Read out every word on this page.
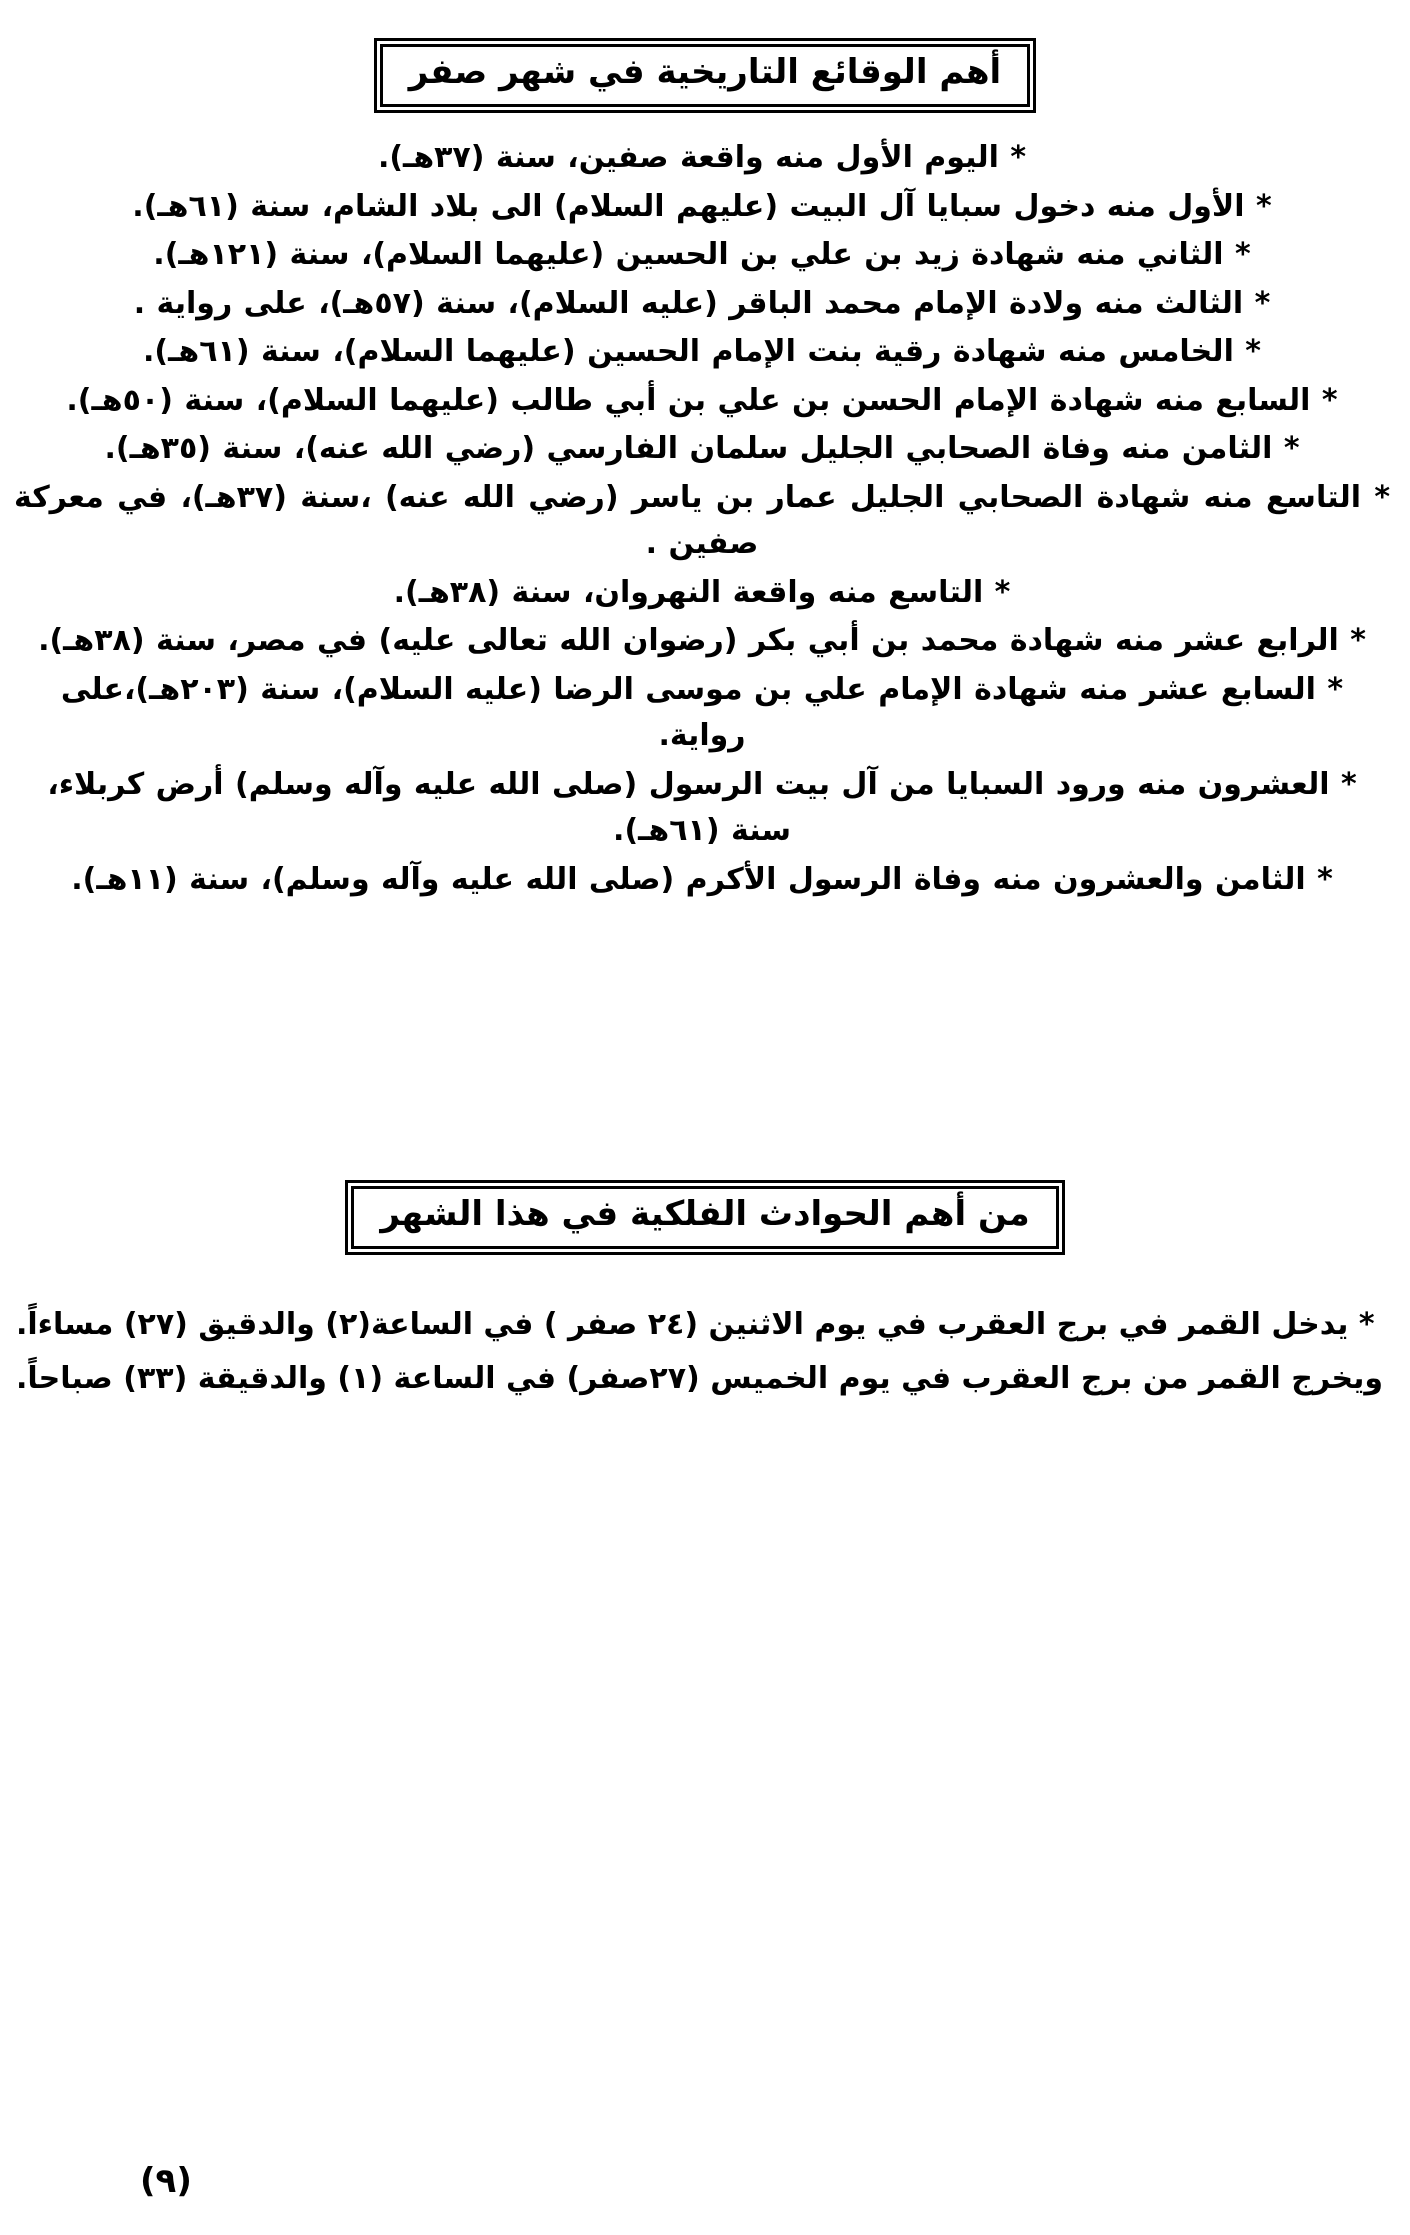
أهم الوقائع التاريخية في شهر صفر
* اليوم الأول منه واقعة صفين، سنة (٣٧هـ).
* الأول منه دخول سبايا آل البيت (عليهم السلام) الى بلاد الشام، سنة (٦١هـ).
* الثاني منه شهادة زيد بن علي بن الحسين (عليهما السلام)، سنة (١٢١هـ).
* الثالث منه ولادة الإمام محمد الباقر (عليه السلام)، سنة (٥٧هـ)، على رواية .
* الخامس منه شهادة رقية بنت الإمام الحسين (عليهما السلام)، سنة (٦١هـ).
* السابع منه شهادة الإمام الحسن بن علي بن أبي طالب (عليهما السلام)، سنة (٥٠هـ).
* الثامن منه وفاة الصحابي الجليل سلمان الفارسي (رضي الله عنه)، سنة (٣٥هـ).
* التاسع منه شهادة الصحابي الجليل عمار بن ياسر (رضي الله عنه) ،سنة (٣٧هـ)، في معركة صفين .
* التاسع منه واقعة النهروان، سنة (٣٨هـ).
* الرابع عشر منه شهادة محمد بن أبي بكر (رضوان الله تعالى عليه) في مصر، سنة (٣٨هـ).
* السابع عشر منه شهادة الإمام علي بن موسى الرضا (عليه السلام)، سنة (٢٠٣هـ)،على رواية.
* العشرون منه ورود السبايا من آل بيت الرسول (صلى الله عليه وآله وسلم) أرض كربلاء، سنة (٦١هـ).
* الثامن والعشرون منه وفاة الرسول الأكرم (صلى الله عليه وآله وسلم)، سنة (١١هـ).
من أهم الحوادث الفلكية في هذا الشهر
* يدخل القمر في برج العقرب في يوم الاثنين (٢٤ صفر ) في الساعة(٢) والدقيق (٢٧) مساءاً.
ويخرج القمر من برج العقرب في يوم الخميس (٢٧صفر) في الساعة (١) والدقيقة (٣٣) صباحاً.
(٩)
